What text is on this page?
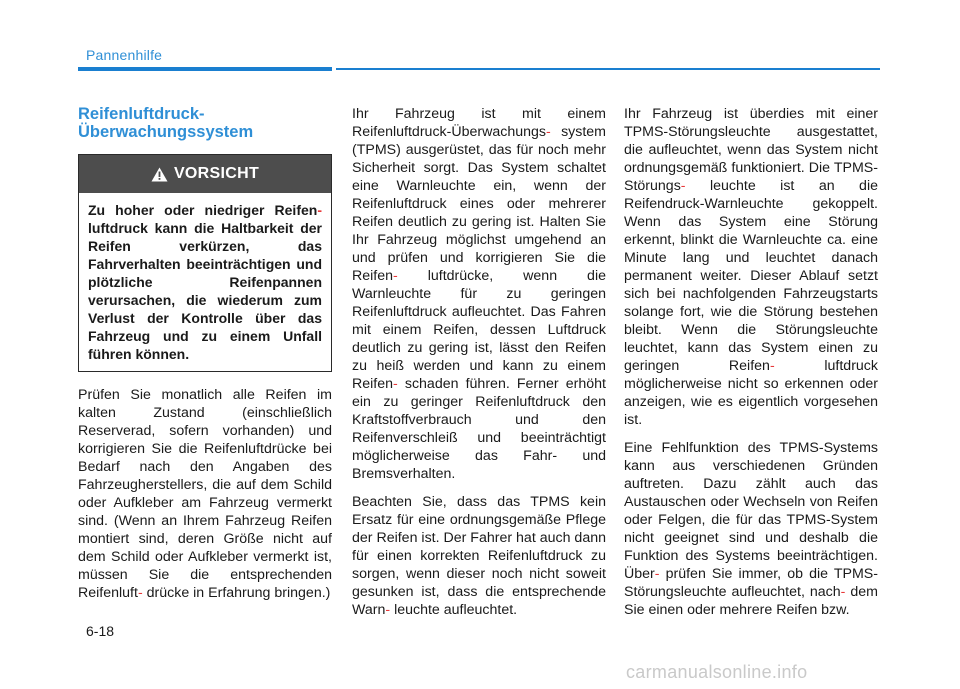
Pannenhilfe
Reifenluftdruck-
Überwachungssystem
VORSICHT
Zu hoher oder niedriger Reifen- luftdruck kann die Haltbarkeit der Reifen verkürzen, das Fahrverhalten beeinträchtigen und plötzliche Reifenpannen verursachen, die wiederum zum Verlust der Kontrolle über das Fahrzeug und zu einem Unfall führen können.

Prüfen Sie monatlich alle Reifen im kalten Zustand (einschließlich Reserverad, sofern vorhanden) und korrigieren Sie die Reifenluftdrücke bei Bedarf nach den Angaben des Fahrzeugherstellers, die auf dem Schild oder Aufkleber am Fahrzeug vermerkt sind. (Wenn an Ihrem Fahrzeug Reifen montiert sind, deren Größe nicht auf dem Schild oder Aufkleber vermerkt ist, müssen Sie die entsprechenden Reifenluft- drücke in Erfahrung bringen.)

Ihr Fahrzeug ist mit einem Reifenluftdruck-Überwachungs- system (TPMS) ausgerüstet, das für noch mehr Sicherheit sorgt. Das System schaltet eine Warnleuchte ein, wenn der Reifenluftdruck eines oder mehrerer Reifen deutlich zu gering ist. Halten Sie Ihr Fahrzeug möglichst umgehend an und prüfen und korrigieren Sie die Reifen- luftdrücke, wenn die Warnleuchte für zu geringen Reifenluftdruck aufleuchtet. Das Fahren mit einem Reifen, dessen Luftdruck deutlich zu gering ist, lässt den Reifen zu heiß werden und kann zu einem Reifen- schaden führen. Ferner erhöht ein zu geringer Reifenluftdruck den Kraftstoffverbrauch und den Reifenverschleiß und beeinträchtigt möglicherweise das Fahr- und Bremsverhalten.

Beachten Sie, dass das TPMS kein Ersatz für eine ordnungsgemäße Pflege der Reifen ist. Der Fahrer hat auch dann für einen korrekten Reifenluftdruck zu sorgen, wenn dieser noch nicht soweit gesunken ist, dass die entsprechende Warn- leuchte aufleuchtet.

Ihr Fahrzeug ist überdies mit einer TPMS-Störungsleuchte ausgestattet, die aufleuchtet, wenn das System nicht ordnungsgemäß funktioniert. Die TPMS-Störungs- leuchte ist an die Reifendruck-Warnleuchte gekoppelt. Wenn das System eine Störung erkennt, blinkt die Warnleuchte ca. eine Minute lang und leuchtet danach permanent weiter. Dieser Ablauf setzt sich bei nachfolgenden Fahrzeugstarts solange fort, wie die Störung bestehen bleibt. Wenn die Störungsleuchte leuchtet, kann das System einen zu geringen Reifen-	luftdruck möglicherweise nicht so erkennen oder anzeigen, wie es eigentlich vorgesehen ist.

Eine Fehlfunktion des TPMS-Systems kann aus verschiedenen Gründen auftreten. Dazu zählt auch das Austauschen oder Wechseln von Reifen oder Felgen, die für das TPMS-System nicht geeignet sind und deshalb die Funktion des Systems beeinträchtigen. Über- prüfen Sie immer, ob die TPMS-Störungsleuchte aufleuchtet, nach- dem Sie einen oder mehrere Reifen bzw.

6-18
carmanualsonline.info
